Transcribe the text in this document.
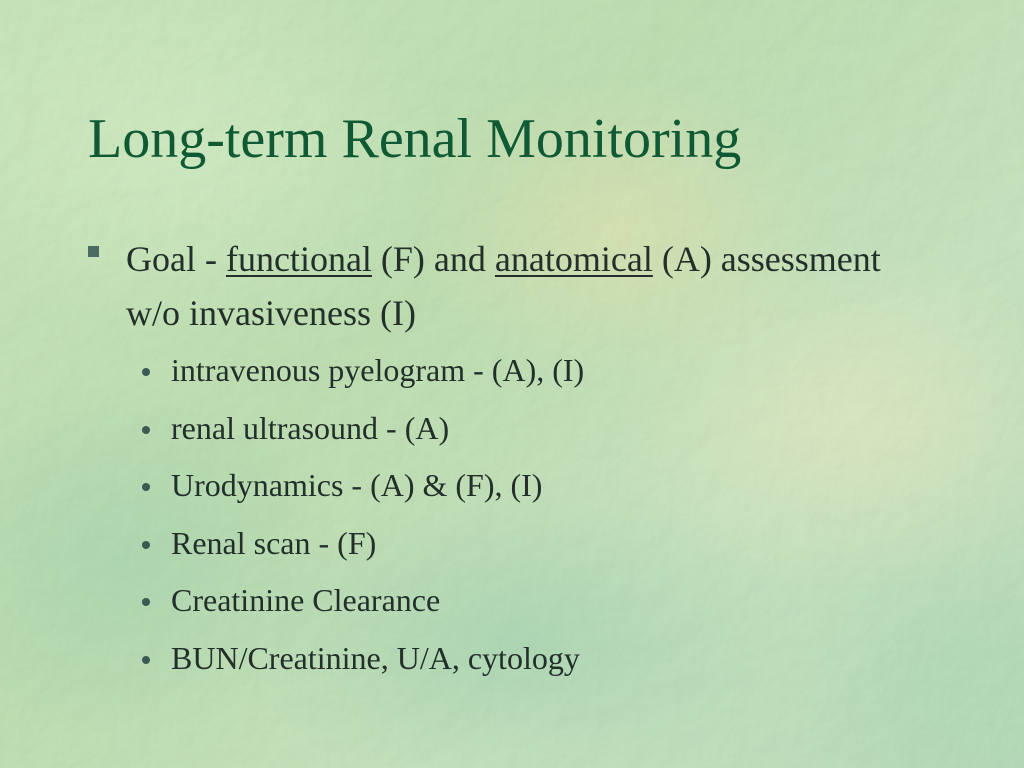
Long-term Renal Monitoring
Goal - functional (F) and anatomical (A) assessment w/o invasiveness (I)
intravenous pyelogram - (A), (I)
renal ultrasound - (A)
Urodynamics - (A) & (F), (I)
Renal scan - (F)
Creatinine Clearance
BUN/Creatinine, U/A, cytology
